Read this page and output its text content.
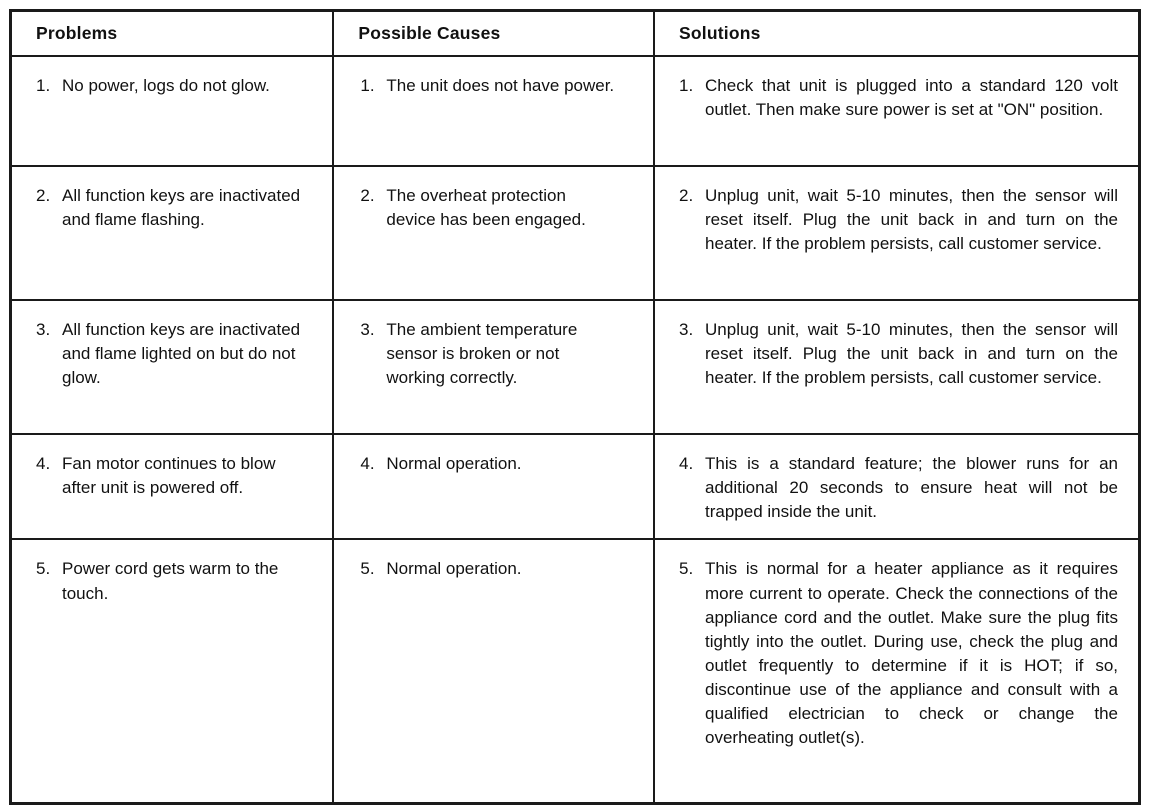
Problems	Possible Causes	Solutions

1. No power, logs do not glow.	1. The unit does not have power.	1. Check that unit is plugged into a standard 120 volt outlet. Then make sure power is set at "ON" position.

2. All function keys are inactivated and flame flashing.	2. The overheat protection device has been engaged.	2. Unplug unit, wait 5-10 minutes, then the sensor will reset itself. Plug the unit back in and turn on the heater. If the problem persists, call customer service.

3. All function keys are inactivated and flame lighted on but do not glow.	3. The ambient temperature sensor is broken or not working correctly.	3. Unplug unit, wait 5-10 minutes, then the sensor will reset itself. Plug the unit back in and turn on the heater. If the problem persists, call customer service.

4. Fan motor continues to blow after unit is powered off.	4. Normal operation.	4. This is a standard feature; the blower runs for an additional 20 seconds to ensure heat will not be trapped inside the unit.

5. Power cord gets warm to the touch.	5. Normal operation.	5. This is normal for a heater appliance as it requires more current to operate. Check the connections of the appliance cord and the outlet. Make sure the plug fits tightly into the outlet. During use, check the plug and outlet frequently to determine if it is HOT; if so, discontinue use of the appliance and consult with a qualified electrician to check or change the overheating outlet(s).
